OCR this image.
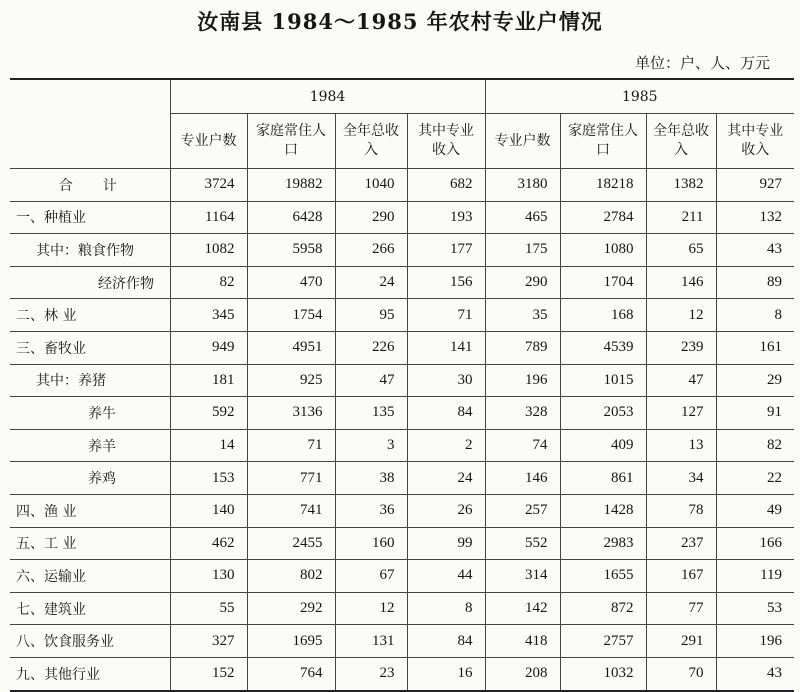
汝南县 1984～1985 年农村专业户情况
单位：户、人、万元
	1984				1985			
	专业户数	家庭常住人口	全年总收入	其中专业收入	专业户数	家庭常住人口	全年总收入	其中专业收入
合计	3724	19882	1040	682	3180	18218	1382	927
一、种植业	1164	6428	290	193	465	2784	211	132
其中：粮食作物	1082	5958	266	177	175	1080	65	43
经济作物	82	470	24	156	290	1704	146	89
二、林 业	345	1754	95	71	35	168	12	8
三、畜牧业	949	4951	226	141	789	4539	239	161
其中：养猪	181	925	47	30	196	1015	47	29
养牛	592	3136	135	84	328	2053	127	91
养羊	14	71	3	2	74	409	13	82
养鸡	153	771	38	24	146	861	34	22
四、渔 业	140	741	36	26	257	1428	78	49
五、工 业	462	2455	160	99	552	2983	237	166
六、运输业	130	802	67	44	314	1655	167	119
七、建筑业	55	292	12	8	142	872	77	53
八、饮食服务业	327	1695	131	84	418	2757	291	196
九、其他行业	152	764	23	16	208	1032	70	43
